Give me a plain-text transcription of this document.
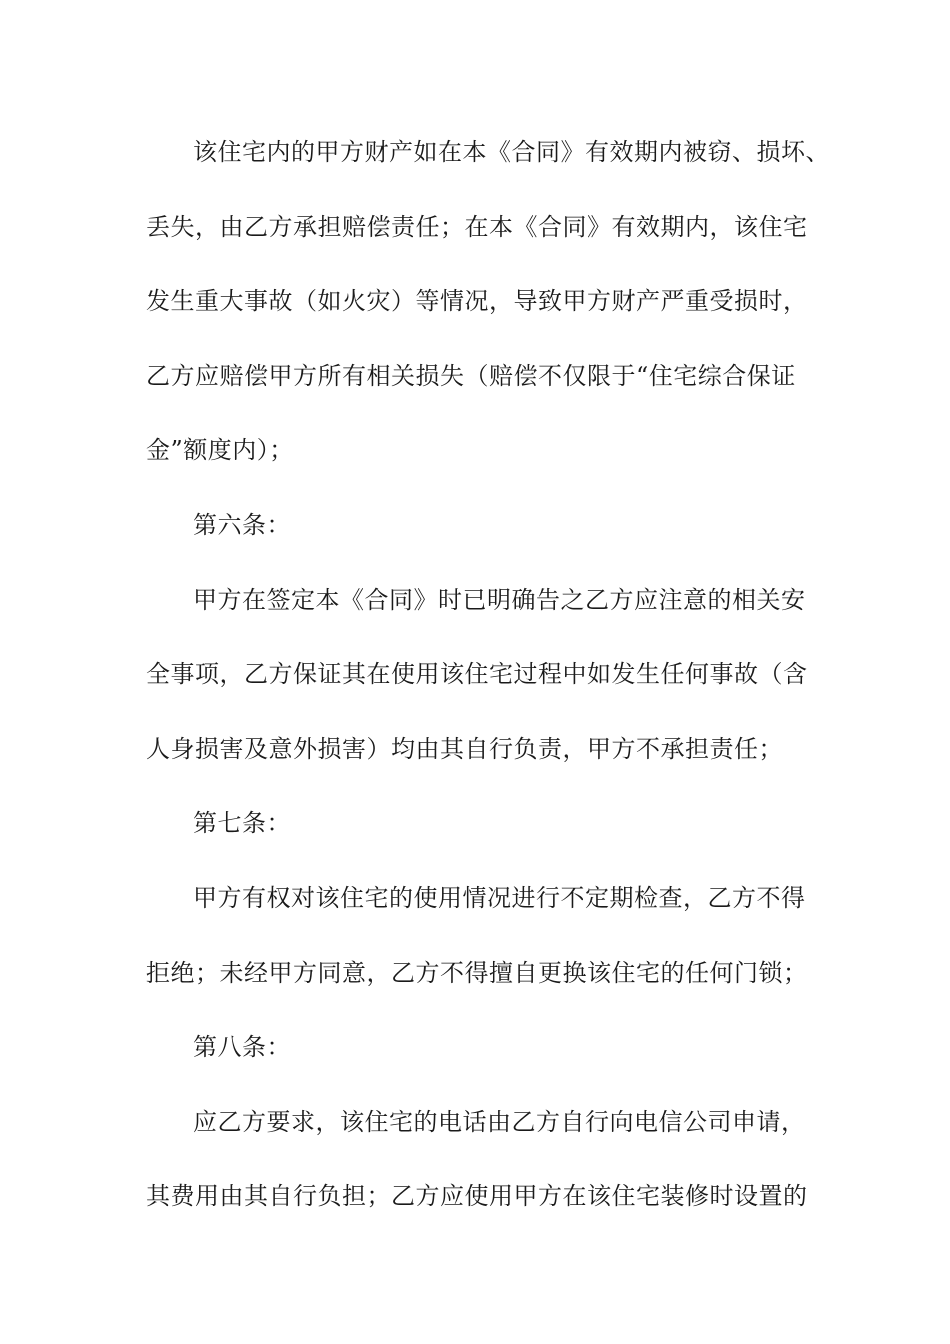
该住宅内的甲方财产如在本《合同》有效期内被窃、损坏、
丢失，由乙方承担赔偿责任；在本《合同》有效期内，该住宅
发生重大事故（如火灾）等情况，导致甲方财产严重受损时，
乙方应赔偿甲方所有相关损失（赔偿不仅限于“住宅综合保证
金”额度内）；
第六条：
甲方在签定本《合同》时已明确告之乙方应注意的相关安
全事项，乙方保证其在使用该住宅过程中如发生任何事故（含
人身损害及意外损害）均由其自行负责，甲方不承担责任；
第七条：
甲方有权对该住宅的使用情况进行不定期检查，乙方不得
拒绝；未经甲方同意，乙方不得擅自更换该住宅的任何门锁；
第八条：
应乙方要求，该住宅的电话由乙方自行向电信公司申请，
其费用由其自行负担；乙方应使用甲方在该住宅装修时设置的
